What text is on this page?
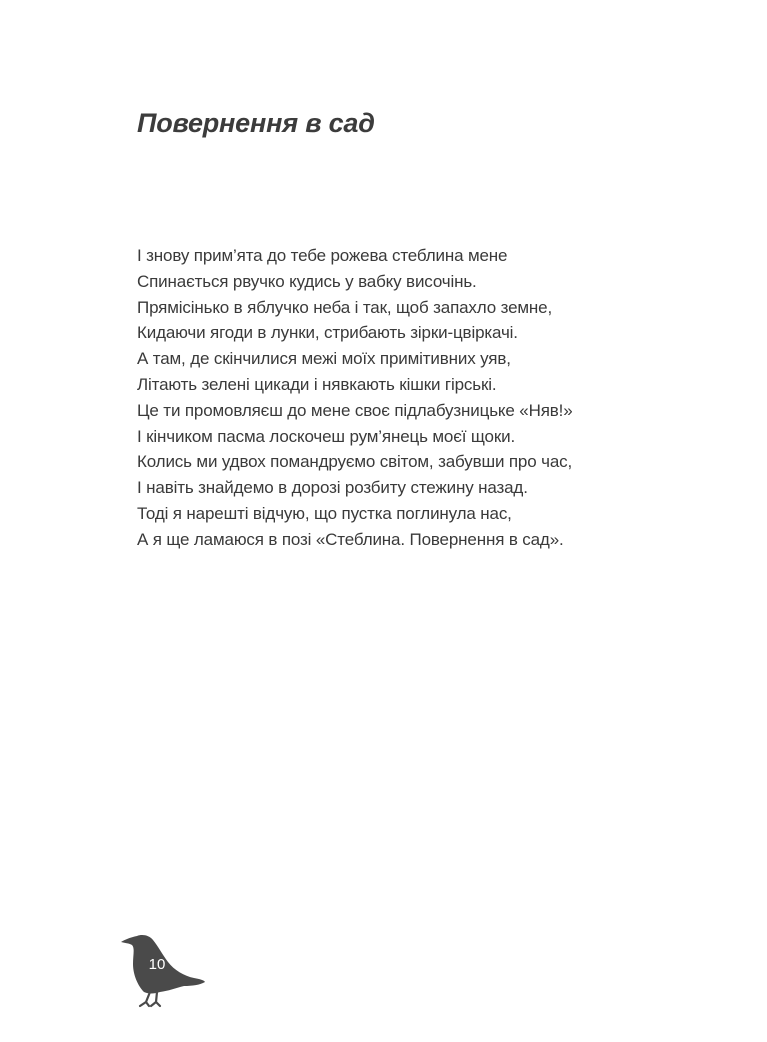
Повернення в сад
І знову прим’ята до тебе рожева стеблина мене
Спинається рвучко кудись у вабку височінь.
Прямісінько в яблучко неба і так, щоб запахло земне,
Кидаючи ягоди в лунки, стрибають зірки-цвіркачі.
А там, де скінчилися межі моїх примітивних уяв,
Літають зелені цикади і нявкають кішки гірські.
Це ти промовляєш до мене своє підлабузницьке «Няв!»
І кінчиком пасма лоскочеш рум’янець моєї щоки.
Колись ми удвох помандруємо світом, забувши про час,
І навіть знайдемо в дорозі розбиту стежину назад.
Тоді я нарешті відчую, що пустка поглинула нас,
А я ще ламаюся в позі «Стеблина. Повернення в сад».
10
